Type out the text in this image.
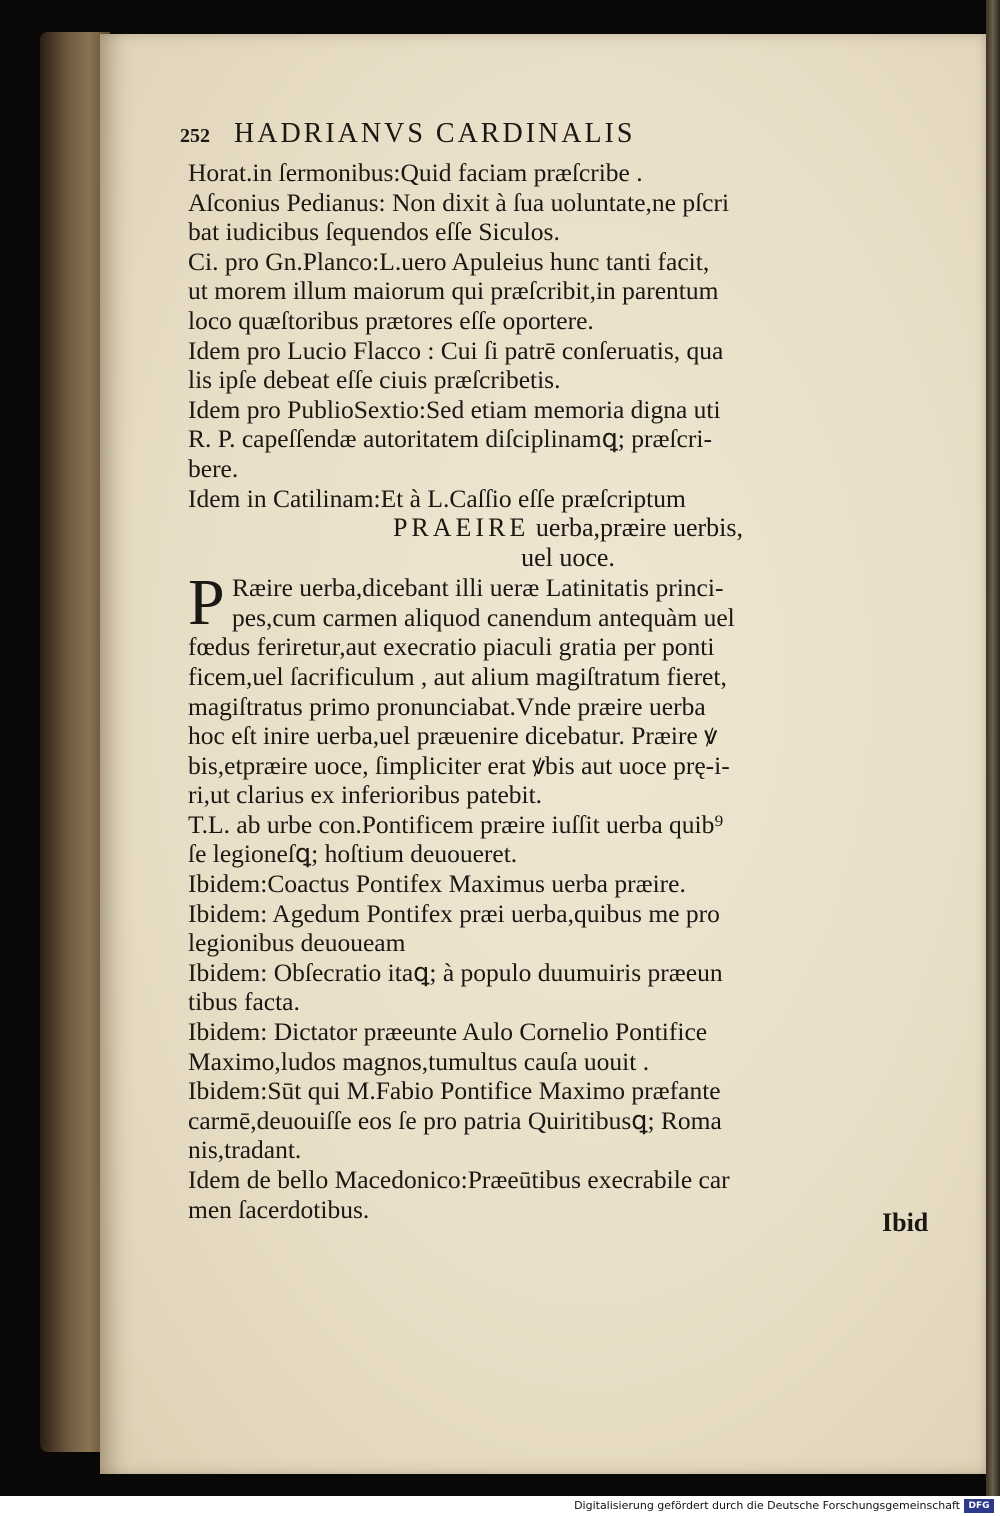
252 HADRIANVS CARDINALIS
Horat.in ſermonibus:Quid faciam præſcribe .
Aſconius Pedianus: Non dixit à ſua uoluntate,ne pſcri
bat iudicibus ſequendos eſſe Siculos.
Ci. pro Gn.Planco:L.uero Apuleius hunc tanti facit,
ut morem illum maiorum qui præſcribit,in parentum
loco quæſtoribus prætores eſſe oportere.
Idem pro Lucio Flacco : Cui ſi patrē conſeruatis, qua
lis ipſe debeat eſſe ciuis præſcribetis.
Idem pro PublioSextio:Sed etiam memoria digna uti
R. P. capeſſendæ autoritatem diſciplinamꝗ; præſcri-
bere.
Idem in Catilinam:Et à L.Caſſio eſſe præſcriptum
PRAEIRE uerba,præire uerbis,
uel uoce.
P Ræire uerba,dicebant illi ueræ Latinitatis princi-
pes,cum carmen aliquod canendum antequàm uel
fœdus feriretur,aut execratio piaculi gratia per ponti
ficem,uel ſacrificulum , aut alium magiſtratum fieret,
magiſtratus primo pronunciabat.Vnde præire uerba
hoc eſt inire uerba,uel præuenire dicebatur. Præire ꝟ
bis,etpræire uoce, ſimpliciter erat ꝟbis aut uoce prę-i-
ri,ut clarius ex inferioribus patebit.
T.L. ab urbe con.Pontificem præire iuſſit uerba quib⁹
ſe legioneſꝗ; hoſtium deuoueret.
Ibidem:Coactus Pontifex Maximus uerba præire.
Ibidem: Agedum Pontifex præi uerba,quibus me pro
legionibus deuoueam
Ibidem: Obſecratio itaꝗ; à populo duumuiris præeun
tibus facta.
Ibidem: Dictator præeunte Aulo Cornelio Pontifice
Maximo,ludos magnos,tumultus cauſa uouit .
Ibidem:Sūt qui M.Fabio Pontifice Maximo præfante
carmē,deuouiſſe eos ſe pro patria Quiritibusꝗ; Roma
nis,tradant.
Idem de bello Macedonico:Præeūtibus execrabile car
men ſacerdotibus.	Ibid
Digitalisierung gefördert durch die Deutsche Forschungsgemeinschaft DFG
